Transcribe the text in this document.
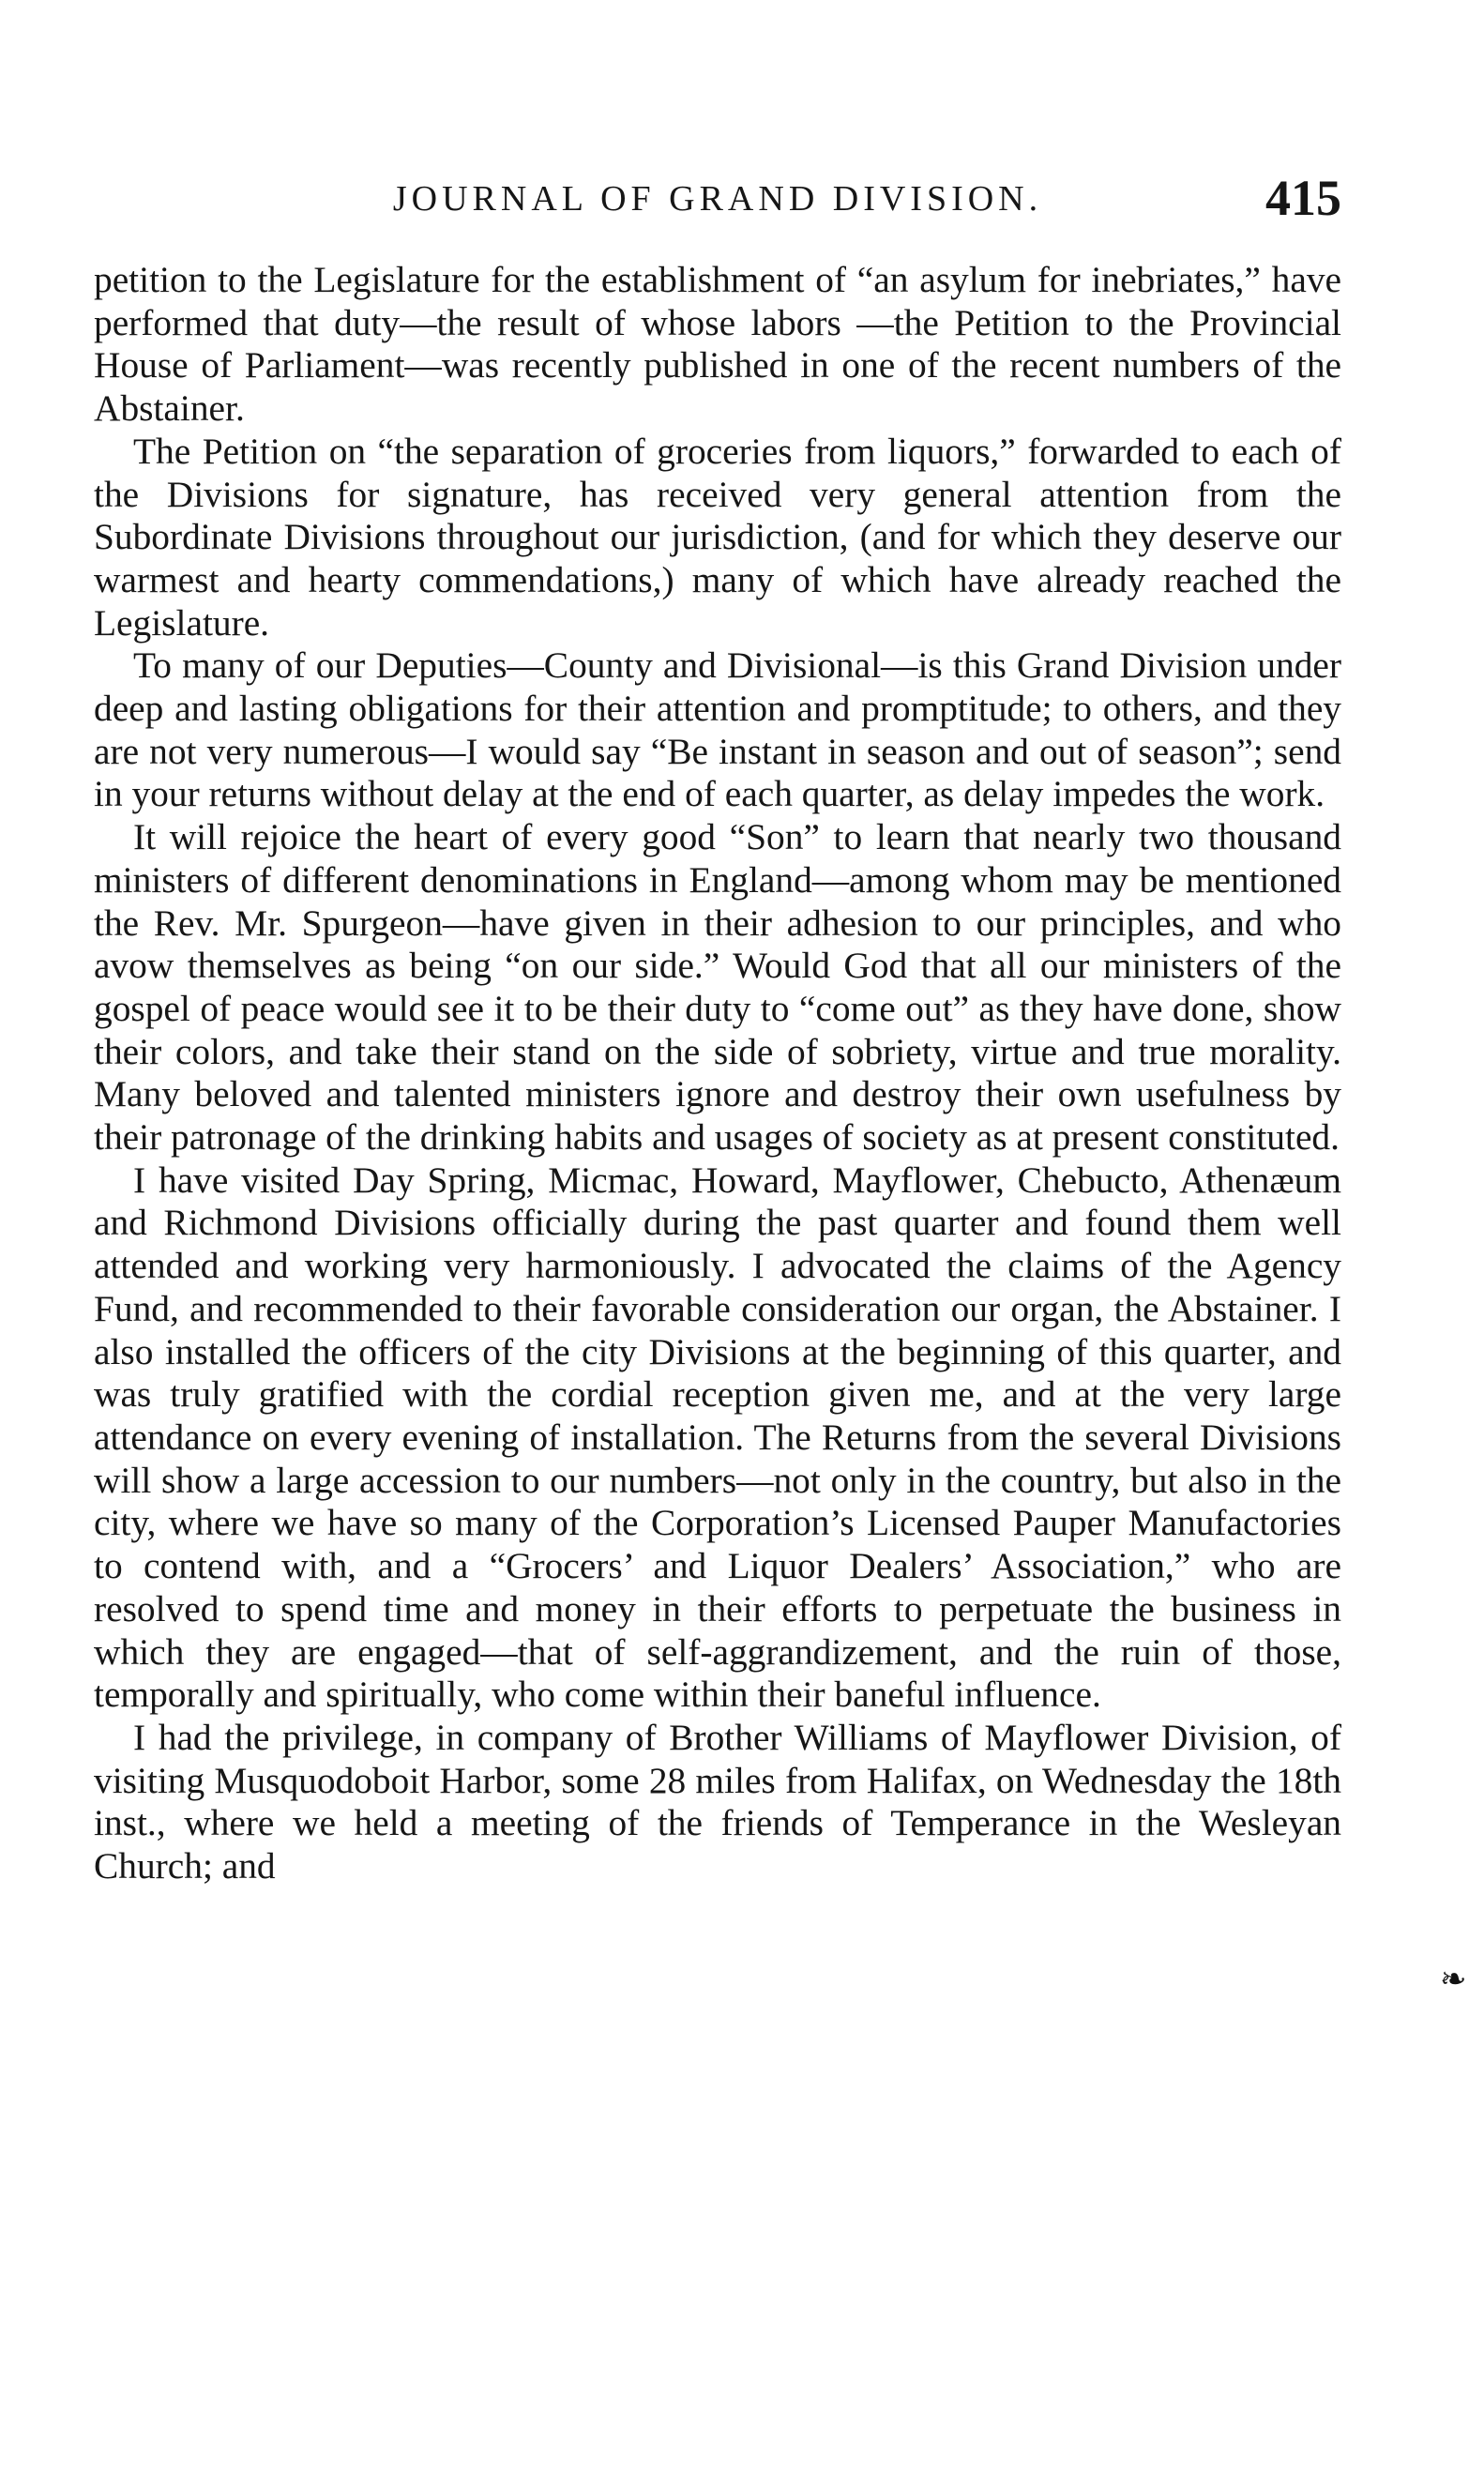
JOURNAL OF GRAND DIVISION.	415

petition to the Legislature for the establishment of “an asylum for inebriates,” have performed that duty—the result of whose labors —the Petition to the Provincial House of Parliament—was recently published in one of the recent numbers of the Abstainer.

The Petition on “the separation of groceries from liquors,” forwarded to each of the Divisions for signature, has received very general attention from the Subordinate Divisions throughout our jurisdiction, (and for which they deserve our warmest and hearty commendations,) many of which have already reached the Legislature.

To many of our Deputies—County and Divisional—is this Grand Division under deep and lasting obligations for their attention and promptitude; to others, and they are not very numerous—I would say “Be instant in season and out of season”; send in your returns without delay at the end of each quarter, as delay impedes the work.

It will rejoice the heart of every good “Son” to learn that nearly two thousand ministers of different denominations in England—among whom may be mentioned the Rev. Mr. Spurgeon—have given in their adhesion to our principles, and who avow themselves as being “on our side.” Would God that all our ministers of the gospel of peace would see it to be their duty to “come out” as they have done, show their colors, and take their stand on the side of sobriety, virtue and true morality. Many beloved and talented ministers ignore and destroy their own usefulness by their patronage of the drinking habits and usages of society as at present constituted.

I have visited Day Spring, Micmac, Howard, Mayflower, Chebucto, Athenæum and Richmond Divisions officially during the past quarter and found them well attended and working very harmoniously. I advocated the claims of the Agency Fund, and recommended to their favorable consideration our organ, the Abstainer. I also installed the officers of the city Divisions at the beginning of this quarter, and was truly gratified with the cordial reception given me, and at the very large attendance on every evening of installation. The Returns from the several Divisions will show a large accession to our numbers—not only in the country, but also in the city, where we have so many of the Corporation’s Licensed Pauper Manufactories to contend with, and a “Grocers’ and Liquor Dealers’ Association,” who are resolved to spend time and money in their efforts to perpetuate the business in which they are engaged—that of self-aggrandizement, and the ruin of those, temporally and spiritually, who come within their baneful influence.

I had the privilege, in company of Brother Williams of Mayflower Division, of visiting Musquodoboit Harbor, some 28 miles from Halifax, on Wednesday the 18th inst., where we held a meeting of the friends of Temperance in the Wesleyan Church; and

❧
